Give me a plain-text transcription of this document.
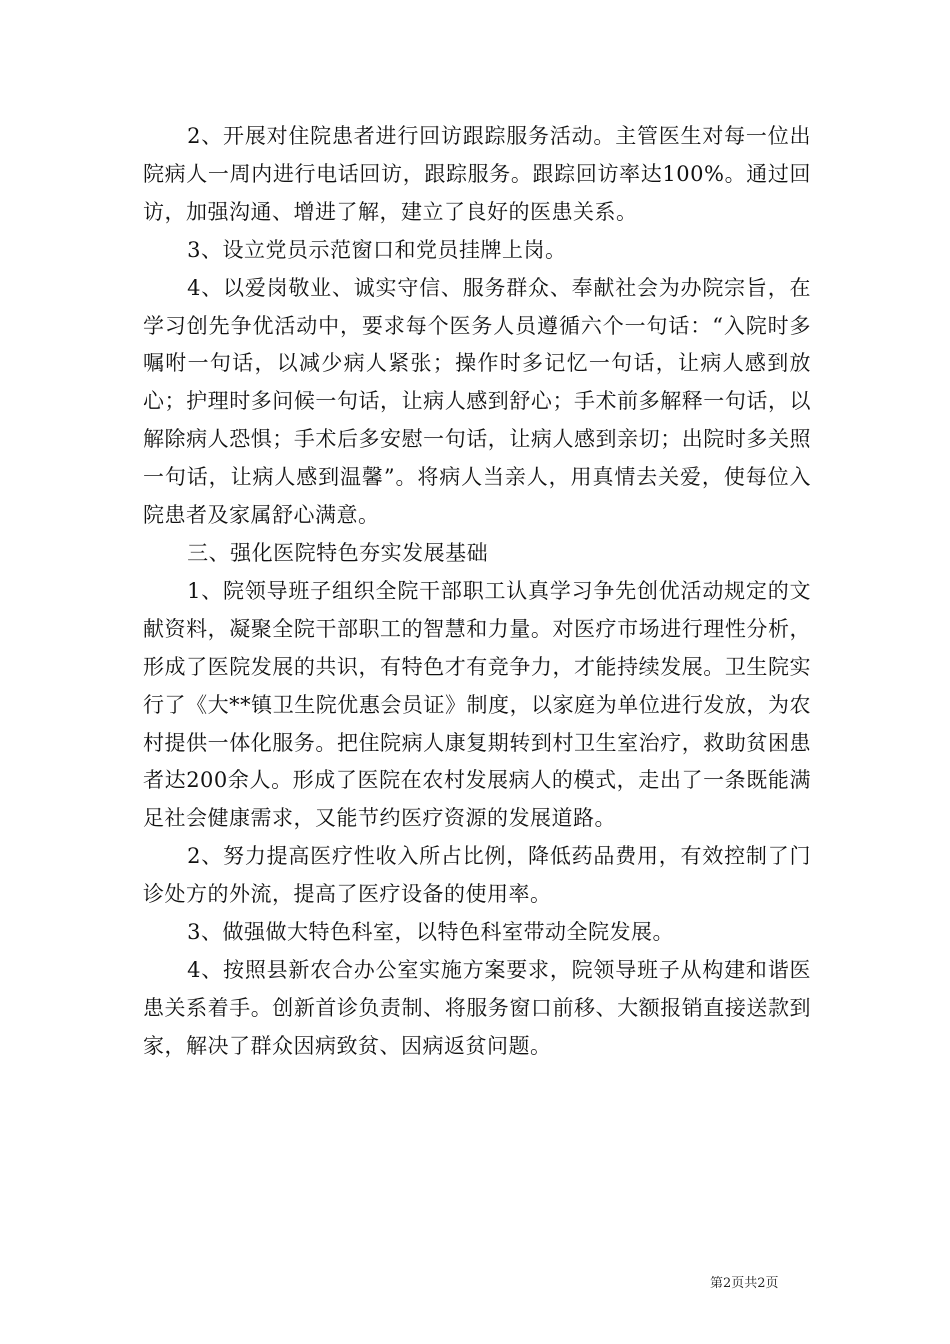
2、开展对住院患者进行回访跟踪服务活动。主管医生对每一位出院病人一周内进行电话回访，跟踪服务。跟踪回访率达100%。通过回访，加强沟通、增进了解，建立了良好的医患关系。

3、设立党员示范窗口和党员挂牌上岗。

4、以爱岗敬业、诚实守信、服务群众、奉献社会为办院宗旨，在学习创先争优活动中，要求每个医务人员遵循六个一句话：“入院时多嘱咐一句话，以减少病人紧张；操作时多记忆一句话，让病人感到放心；护理时多问候一句话，让病人感到舒心；手术前多解释一句话，以解除病人恐惧；手术后多安慰一句话，让病人感到亲切；出院时多关照一句话，让病人感到温馨”。将病人当亲人，用真情去关爱，使每位入院患者及家属舒心满意。

三、强化医院特色夯实发展基础

1、院领导班子组织全院干部职工认真学习争先创优活动规定的文献资料，凝聚全院干部职工的智慧和力量。对医疗市场进行理性分析，形成了医院发展的共识，有特色才有竞争力，才能持续发展。卫生院实行了《大**镇卫生院优惠会员证》制度，以家庭为单位进行发放，为农村提供一体化服务。把住院病人康复期转到村卫生室治疗，救助贫困患者达200余人。形成了医院在农村发展病人的模式，走出了一条既能满足社会健康需求，又能节约医疗资源的发展道路。

2、努力提高医疗性收入所占比例，降低药品费用，有效控制了门诊处方的外流，提高了医疗设备的使用率。

3、做强做大特色科室，以特色科室带动全院发展。

4、按照县新农合办公室实施方案要求，院领导班子从构建和谐医患关系着手。创新首诊负责制、将服务窗口前移、大额报销直接送款到家，解决了群众因病致贫、因病返贫问题。

第2页共2页
